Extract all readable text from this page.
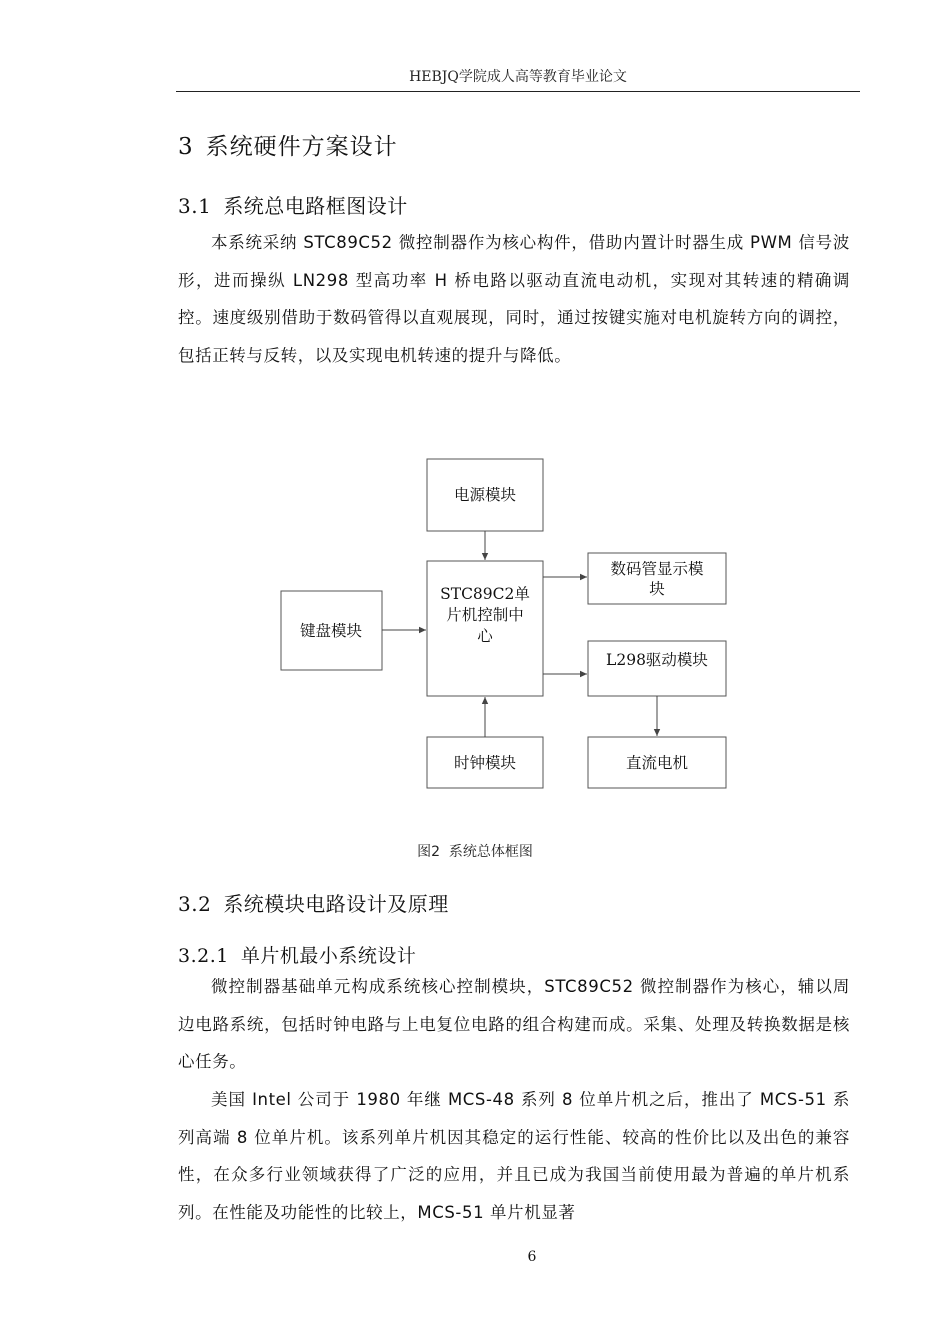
HEBJQ学院成人高等教育毕业论文
3 系统硬件方案设计
3.1 系统总电路框图设计

本系统采纳 STC89C52 微控制器作为核心构件，借助内置计时器生成 PWM 信号波形，进而操纵 LN298 型高功率 H 桥电路以驱动直流电动机，实现对其转速的精确调控。速度级别借助于数码管得以直观展现，同时，通过按键实施对电机旋转方向的调控，包括正转与反转，以及实现电机转速的提升与降低。

电源模块
STC89C2单
片机控制中
心
数码管显示模
块
键盘模块
L298驱动模块
时钟模块	直流电机
图2 系统总体框图
3.2 系统模块电路设计及原理
3.2.1 单片机最小系统设计

微控制器基础单元构成系统核心控制模块，STC89C52 微控制器作为核心，辅以周边电路系统，包括时钟电路与上电复位电路的组合构建而成。采集、处理及转换数据是核心任务。

美国 Intel 公司于 1980 年继 MCS-48 系列 8 位单片机之后，推出了 MCS-51 系列高端 8 位单片机。该系列单片机因其稳定的运行性能、较高的性价比以及出色的兼容性，在众多行业领域获得了广泛的应用，并且已成为我国当前使用最为普遍的单片机系列。在性能及功能性的比较上，MCS-51 单片机显著

6
